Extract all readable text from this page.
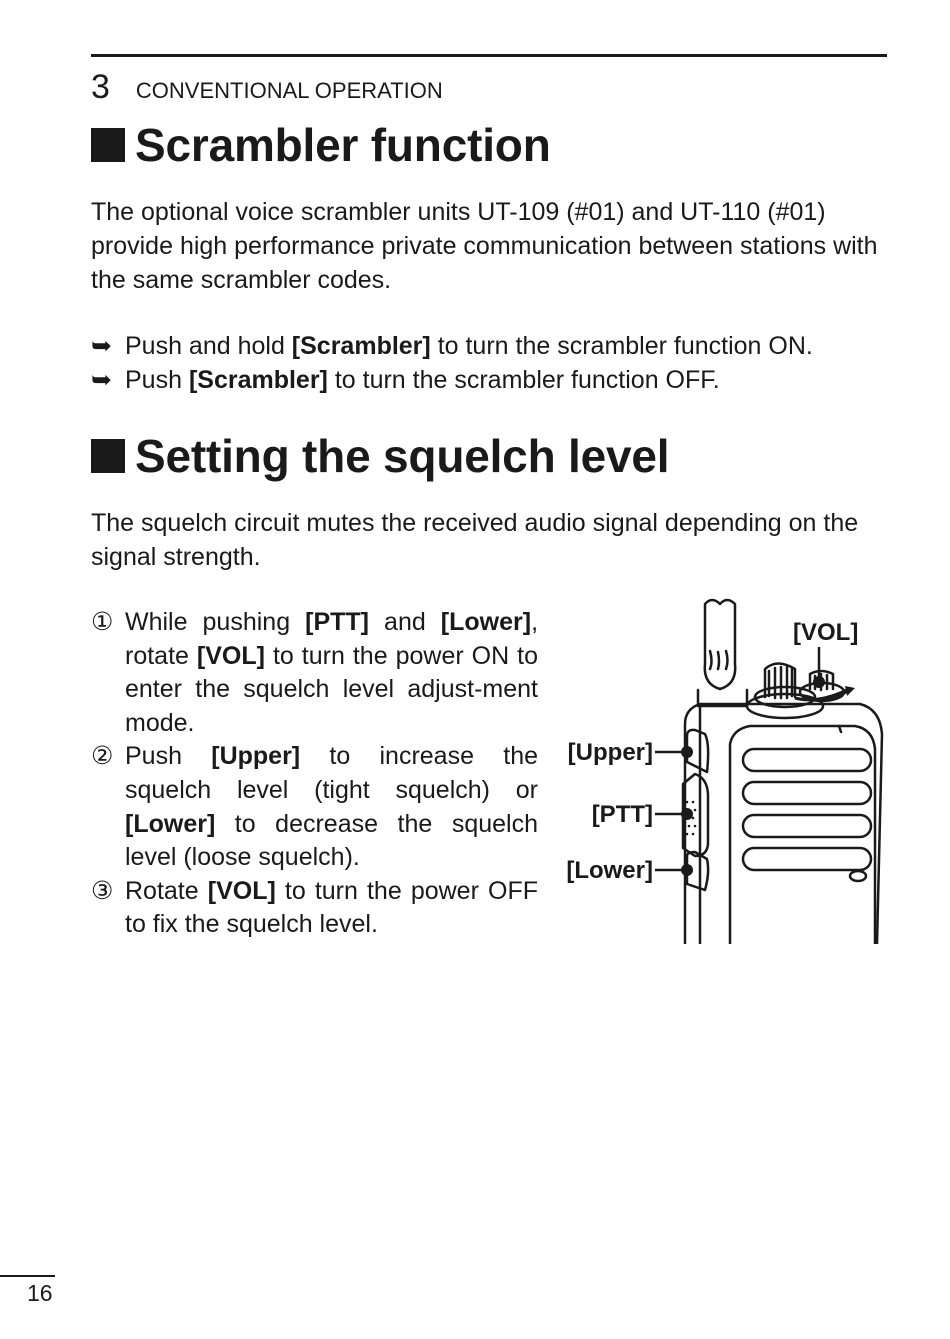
3 CONVENTIONAL OPERATION
Scrambler function

The optional voice scrambler units UT-109 (#01) and UT-110 (#01) provide high performance private communication between stations with the same scrambler codes.

➥ Push and hold [Scrambler] to turn the scrambler function ON.
➥ Push [Scrambler] to turn the scrambler function OFF.
Setting the squelch level

The squelch circuit mutes the received audio signal depending on the signal strength.

① While pushing [PTT] and [Lower], rotate [VOL] to turn the power ON to enter the squelch level adjust-ment mode.
② Push [Upper] to increase the squelch level (tight squelch) or [Lower] to decrease the squelch level (loose squelch).
③ Rotate [VOL] to turn the power OFF to fix the squelch level.
[VOL]
[Upper]
[PTT]
[Lower]
16
